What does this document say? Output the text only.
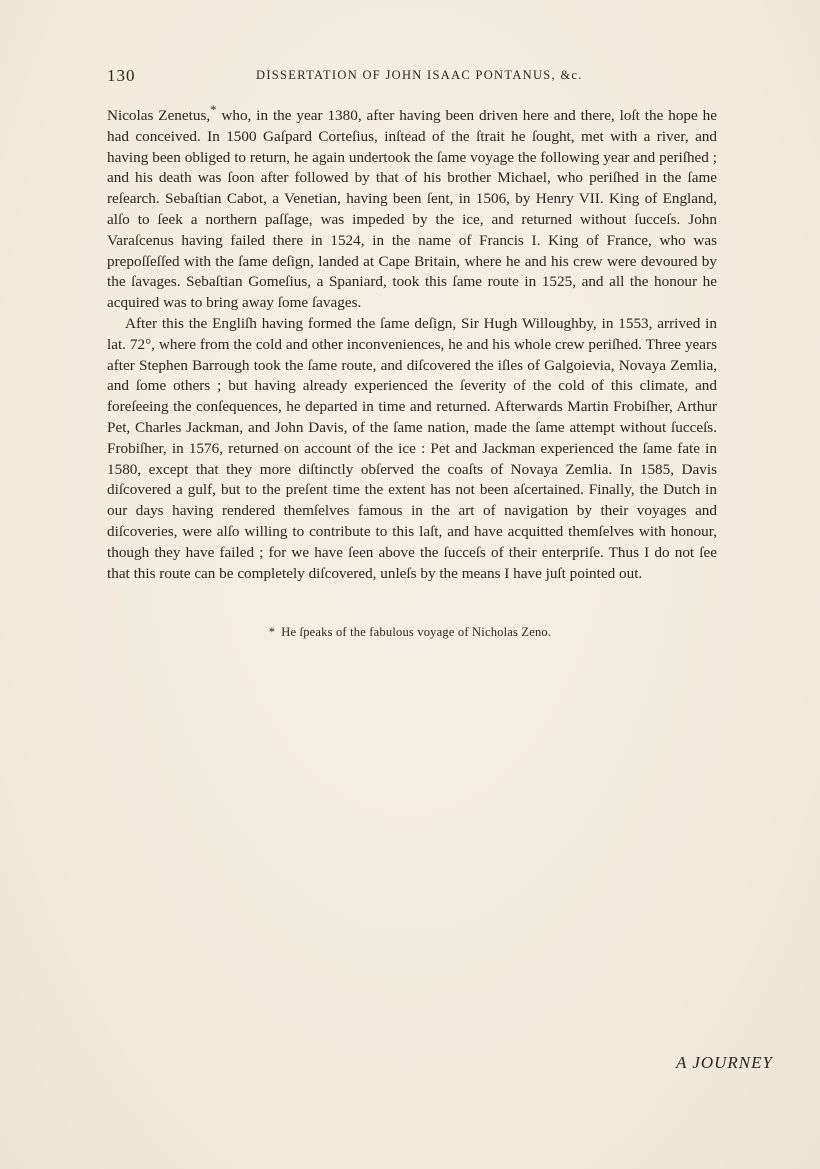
130	DISSERTATION OF JOHN ISAAC PONTANUS, &c.

Nicolas Zenetus,* who, in the year 1380, after having been driven here and there, loſt the hope he had conceived. In 1500 Gaſpard Corteſius, inſtead of the ſtrait he ſought, met with a river, and having been obliged to return, he again undertook the ſame voyage the following year and periſhed ; and his death was ſoon after followed by that of his brother Michael, who periſhed in the ſame reſearch. Sebaſtian Cabot, a Venetian, having been ſent, in 1506, by Henry VII. King of England, alſo to ſeek a northern paſſage, was impeded by the ice, and returned without ſucceſs. John Varaſcenus having failed there in 1524, in the name of Francis I. King of France, who was prepoſſeſſed with the ſame deſign, landed at Cape Britain, where he and his crew were devoured by the ſavages. Sebaſtian Gomeſius, a Spaniard, took this ſame route in 1525, and all the honour he acquired was to bring away ſome ſavages.

After this the Engliſh having formed the ſame deſign, Sir Hugh Willoughby, in 1553, arrived in lat. 72°, where from the cold and other inconveniences, he and his whole crew periſhed. Three years after Stephen Barrough took the ſame route, and diſcovered the iſles of Galgoievia, Novaya Zemlia, and ſome others ; but having already experienced the ſeverity of the cold of this climate, and foreſeeing the conſequences, he departed in time and returned. Afterwards Martin Frobiſher, Arthur Pet, Charles Jackman, and John Davis, of the ſame nation, made the ſame attempt without ſucceſs. Frobiſher, in 1576, returned on account of the ice : Pet and Jackman experienced the ſame fate in 1580, except that they more diſtinctly obſerved the coaſts of Novaya Zemlia. In 1585, Davis diſcovered a gulf, but to the preſent time the extent has not been aſcertained. Finally, the Dutch in our days having rendered themſelves famous in the art of navigation by their voyages and diſcoveries, were alſo willing to contribute to this laſt, and have acquitted themſelves with honour, though they have failed ; for we have ſeen above the ſucceſs of their enterpriſe. Thus I do not ſee that this route can be completely diſcovered, unleſs by the means I have juſt pointed out.

* He ſpeaks of the fabulous voyage of Nicholas Zeno.
A JOURNEY
